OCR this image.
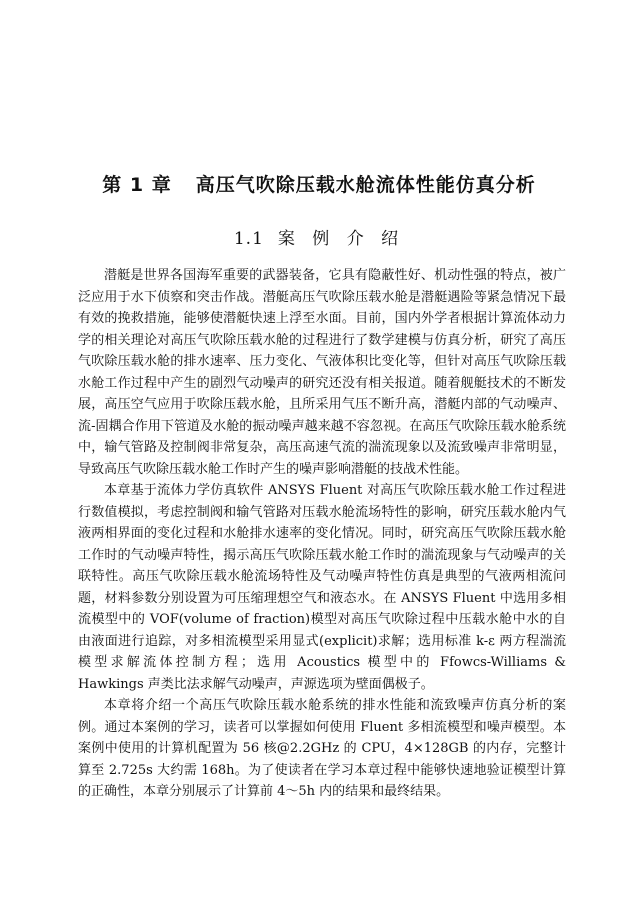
第 1 章 高压气吹除压载水舱流体性能仿真分析
1.1 案 例 介 绍

潜艇是世界各国海军重要的武器装备，它具有隐蔽性好、机动性强的特点，被广泛应用于水下侦察和突击作战。潜艇高压气吹除压载水舱是潜艇遇险等紧急情况下最有效的挽救措施，能够使潜艇快速上浮至水面。目前，国内外学者根据计算流体动力学的相关理论对高压气吹除压载水舱的过程进行了数学建模与仿真分析，研究了高压气吹除压载水舱的排水速率、压力变化、气液体积比变化等，但针对高压气吹除压载水舱工作过程中产生的剧烈气动噪声的研究还没有相关报道。随着舰艇技术的不断发展，高压空气应用于吹除压载水舱，且所采用气压不断升高，潜艇内部的气动噪声、流-固耦合作用下管道及水舱的振动噪声越来越不容忽视。在高压气吹除压载水舱系统中，输气管路及控制阀非常复杂，高压高速气流的湍流现象以及流致噪声非常明显，导致高压气吹除压载水舱工作时产生的噪声影响潜艇的技战术性能。

本章基于流体力学仿真软件 ANSYS Fluent 对高压气吹除压载水舱工作过程进行数值模拟，考虑控制阀和输气管路对压载水舱流场特性的影响，研究压载水舱内气液两相界面的变化过程和水舱排水速率的变化情况。同时，研究高压气吹除压载水舱工作时的气动噪声特性，揭示高压气吹除压载水舱工作时的湍流现象与气动噪声的关联特性。高压气吹除压载水舱流场特性及气动噪声特性仿真是典型的气液两相流问题，材料参数分别设置为可压缩理想空气和液态水。在 ANSYS Fluent 中选用多相流模型中的 VOF(volume of fraction)模型对高压气吹除过程中压载水舱中水的自由液面进行追踪，对多相流模型采用显式(explicit)求解；选用标准 k-ε 两方程湍流模型求解流体控制方程；选用 Acoustics 模型中的 Ffowcs-Williams & Hawkings 声类比法求解气动噪声，声源选项为壁面偶极子。

本章将介绍一个高压气吹除压载水舱系统的排水性能和流致噪声仿真分析的案例。通过本案例的学习，读者可以掌握如何使用 Fluent 多相流模型和噪声模型。本案例中使用的计算机配置为 56 核@2.2GHz 的 CPU，4×128GB 的内存，完整计算至 2.725s 大约需 168h。为了使读者在学习本章过程中能够快速地验证模型计算的正确性，本章分别展示了计算前 4～5h 内的结果和最终结果。
